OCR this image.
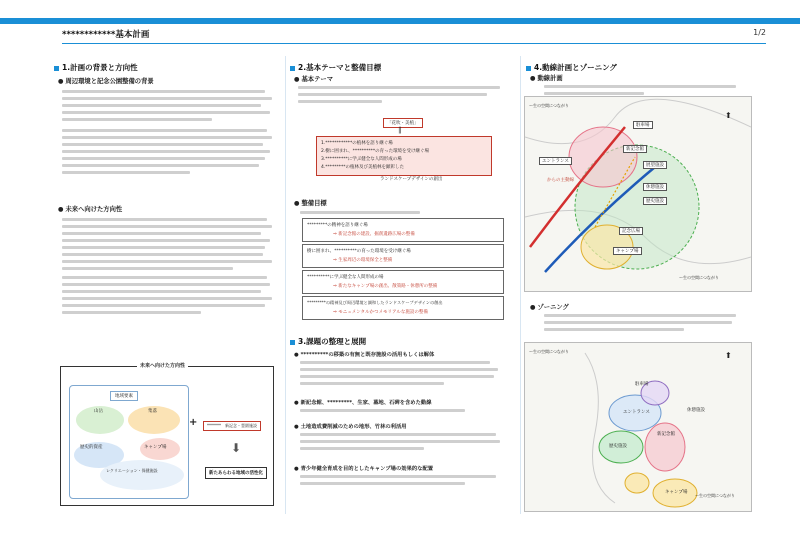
************基本計画	1/2
1.計画の背景と方向性
● 周辺環境と記念公園整備の背景
● 未来へ向けた方向性
未来へ向けた方向性
地域要素
山岳	集落
歴史的資産
レクリエーション・保健施設
キャンプ場
+	*******　新記念・霊園施設
⬇
新たあらわる地域の活性化
2.基本テーマと整備目標
● 基本テーマ
「花吹・美植」
∥
1.************の植林を語り継ぐ場
2.樹に囲まれ、**********の育った環境を受け継ぐ場
3.**********に学ぶ健全な人間形成の場
4.*********の植林及び美植林を顕彰した
ランドスケープデザインの創出
● 整備目標
*********の精神を語り継ぐ場
⇒ 新記念館の建設、掘削遺跡広場の整備
樹に囲まれ、**********の育った環境を受け継ぐ場
⇒ 生家周辺の環境保全と整備
**********に学ぶ健全な人間形成の場
⇒ 新たなキャンプ場の創出、散策路・休憩所の整備
*********の精神及び周辺環境と調和したランドスケープデザインの創出
⇒ モニュメンタルかつメモリアルな施設の整備
3.課題の整理と展開
● **********の移築の有無と既存施設の活用もしくは解体
● 新記念館、*********、生家、墓地、石碑を含めた動線
● 土地造成費削減のための地形、竹林の利活用
● 青少年健全育成を目的としたキャンプ場の効果的な配置
4.動線計画とゾーニング
● 動線計画
駐車場
新記念館
展望施設
エントランス
休憩施設
歴史施設
記念広場
キャンプ場
からの主動線
～生の空間につながり
～生の空間につながり
⬆
● ゾーニング
駐車場
エントランス
新記念館
歴史施設
休憩施設
キャンプ場
～生の空間につながり
～生の空間につながり
⬆
